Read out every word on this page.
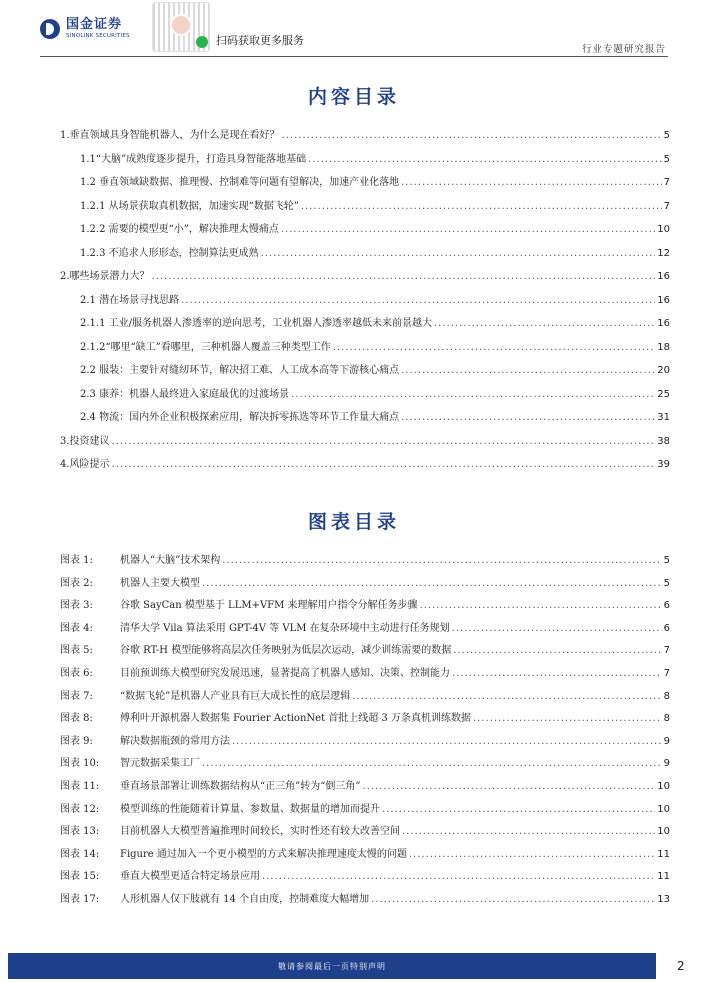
国金证券
SINOLINK SECURITIES	扫码获取更多服务
行业专题研究报告
内容目录
1.垂直领域具身智能机器人，为什么是现在看好？ .....	5
1.1“大脑”成熟度逐步提升，打造具身智能落地基础 .....	5
1.2 垂直领域缺数据、推理慢、控制难等问题有望解决，加速产业化落地 .....	7
1.2.1 从场景获取真机数据，加速实现“数据飞轮” .....	7
1.2.2 需要的模型更“小”，解决推理太慢痛点 .....	10
1.2.3 不追求人形形态，控制算法更成熟 .....	12
2.哪些场景潜力大？ .....	16
2.1 潜在场景寻找思路 .....	16
2.1.1 工业/服务机器人渗透率的逆向思考，工业机器人渗透率越低未来前景越大 .....	16
2.1.2“哪里“缺工”看哪里，三种机器人覆盖三种类型工作 .....	18
2.2 服装：主要针对缝纫环节，解决招工难、人工成本高等下游核心痛点 .....	20
2.3 康养：机器人最终进入家庭最优的过渡场景 .....	25
2.4 物流：国内外企业积极探索应用，解决拆零拣选等环节工作量大痛点 .....	31
3.投资建议 .....	38
4.风险提示 .....	39
图表目录
图表 1:	机器人“大脑”技术架构 .....	5
图表 2:	机器人主要大模型 .....	5
图表 3:	谷歌 SayCan 模型基于 LLM+VFM 来理解用户指令分解任务步骤 .....	6
图表 4:	清华大学 Vila 算法采用 GPT-4V 等 VLM 在复杂环境中主动进行任务规划 .....	6
图表 5:	谷歌 RT-H 模型能够将高层次任务映射为低层次运动，减少训练需要的数据 .....	7
图表 6:	目前预训练大模型研究发展迅速，显著提高了机器人感知、决策、控制能力 .....	7
图表 7:	“数据飞轮”是机器人产业具有巨大成长性的底层逻辑 .....	8
图表 8:	傅利叶开源机器人数据集 Fourier ActionNet 首批上线超 3 万条真机训练数据 .....	8
图表 9:	解决数据瓶颈的常用方法 .....	9
图表 10:	智元数据采集工厂 .....	9
图表 11:	垂直场景部署让训练数据结构从“正三角”转为“倒三角” .....	10
图表 12:	模型训练的性能随着计算量、参数量、数据量的增加而提升 .....	10
图表 13:	目前机器人大模型普遍推理时间较长，实时性还有较大改善空间 .....	10
图表 14:	Figure 通过加入一个更小模型的方式来解决推理速度太慢的问题 .....	11
图表 15:	垂直大模型更适合特定场景应用 .....	11
图表 17:	人形机器人仅下肢就有 14 个自由度，控制难度大幅增加 .....	13
敬请参阅最后一页特别声明	2
